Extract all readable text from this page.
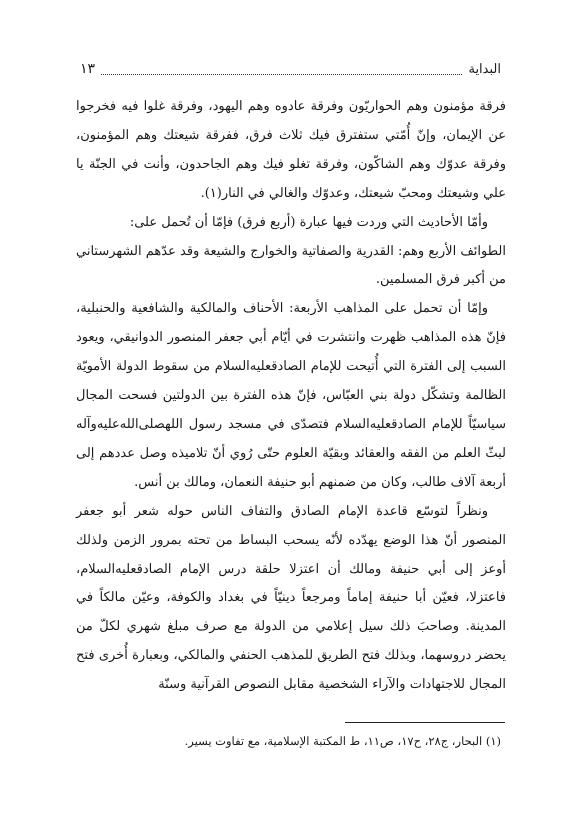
البداية
١٣

فرقة مؤمنون وهم الحواريّون وفرقة عادوه وهم اليهود، وفرقة غلوا فيه فخرجوا عن الإيمان، وإنّ أُمّتي ستفترق فيك ثلاث فرق، ففرقة شيعتك وهم المؤمنون، وفرقة عدوّك وهم الشاكّون، وفرقة تغلو فيك وهم الجاحدون، وأنت في الجنّة يا علي وشيعتك ومحبّ شيعتك، وعدوّك والغالي في النار(١).

وأمّا الأحاديث التي وردت فيها عبارة (أربع فرق) فإمّا أن تُحمل على:

الطوائف الأربع وهم: القدرية والصفاتية والخوارج والشيعة وقد عدّهم الشهرستاني من أكبر فرق المسلمين.

وإمّا أن تحمل على المذاهب الأربعة: الأحناف والمالكية والشافعية والحنبلية، فإنّ هذه المذاهب ظهرت وانتشرت في أيّام أبي جعفر المنصور الدوانيقي، ويعود السبب إلى الفترة التي أُتيحت للإمام الصادقعليه‌السلام من سقوط الدولة الأمويّة الظالمة وتشكّل دولة بني العبّاس، فإنّ هذه الفترة بين الدولتين فسحت المجال سياسيّاً للإمام الصادقعليه‌السلام فتصدّى في مسجد رسول اللهصلى‌الله‌عليه‌وآله لبثّ العلم من الفقه والعقائد وبقيّة العلوم حتّى رُوي أنّ تلاميذه وصل عددهم إلى أربعة آلاف طالب، وكان من ضمنهم أبو حنيفة النعمان، ومالك بن أنس.

ونظراً لتوسّع قاعدة الإمام الصادق والتفاف الناس حوله شعر أبو جعفر المنصور أنّ هذا الوضع يهدّده لأنّه يسحب البساط من تحته بمرور الزمن ولذلك أوعز إلى أبي حنيفة ومالك أن اعتزلا حلقة درس الإمام الصادقعليه‌السلام، فاعتزلا، فعيّن أبا حنيفة إماماً ومرجعاً دينيّاً في بغداد والكوفة، وعيّن مالكاً في المدينة. وصاحبَ ذلك سيل إعلامي من الدولة مع صرف مبلغ شهري لكلّ من يحضر دروسهما، وبذلك فتح الطريق للمذهب الحنفي والمالكي، وبعبارة أُخرى فتح المجال للاجتهادات والآراء الشخصية مقابل النصوص القرآنية وسنّة

(١) البحار، ج٢٨، ح١٧، ص١١، ط المكتبة الإسلامية، مع تفاوت يسير.
